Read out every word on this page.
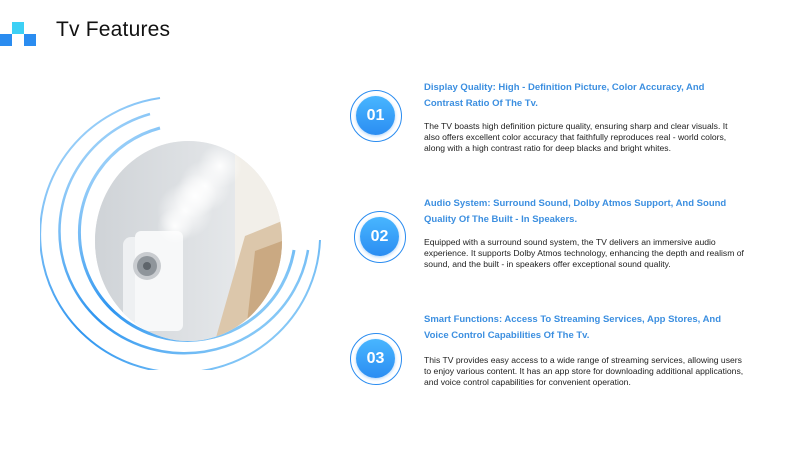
Tv Features
01
Display Quality: High - Definition Picture, Color Accuracy, And Contrast Ratio Of The Tv.
The TV boasts high definition picture quality, ensuring sharp and clear visuals. It also offers excellent color accuracy that faithfully reproduces real - world colors, along with a high contrast ratio for deep blacks and bright whites.
02
Audio System: Surround Sound, Dolby Atmos Support, And Sound Quality Of The Built - In Speakers.
Equipped with a surround sound system, the TV delivers an immersive audio experience. It supports Dolby Atmos technology, enhancing the depth and realism of sound, and the built - in speakers offer exceptional sound quality.
03
Smart Functions: Access To Streaming Services, App Stores, And Voice Control Capabilities Of The Tv.
This TV provides easy access to a wide range of streaming services, allowing users to enjoy various content. It has an app store for downloading additional applications, and voice control capabilities for convenient operation.
